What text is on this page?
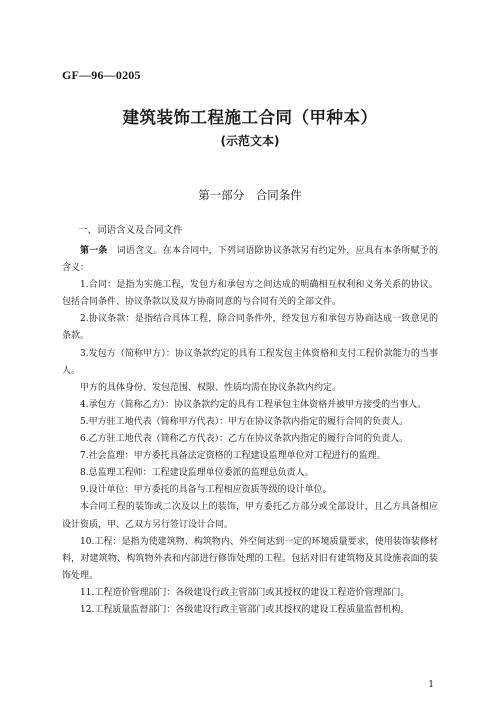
GF—96—0205
建筑装饰工程施工合同（甲种本）
(示范文本)
第一部分　合同条件
一、词语含义及合同文件

第一条　词语含义。在本合同中，下列词语除协议条款另有约定外，应具有本条所赋予的含义：

1.合同：是指为实施工程，发包方和承包方之间达成的明确相互权利和义务关系的协议。包括合同条件、协议条款以及双方协商同意的与合同有关的全部文件。

2.协议条款：是指结合具体工程，除合同条件外，经发包方和承包方协商达成一致意见的条款。

3.发包方（简称甲方）：协议条款约定的具有工程发包主体资格和支付工程价款能力的当事人。

甲方的具体身份、发包范围、权限、性质均需在协议条款内约定。

4.承包方（简称乙方）：协议条款约定的具有工程承包主体资格并被甲方接受的当事人。

5.甲方驻工地代表（简称甲方代表）：甲方在协议条款内指定的履行合同的负责人。

6.乙方驻工地代表（简称乙方代表）：乙方在协议条款内指定的履行合同的负责人。

7.社会监理：甲方委托具备法定资格的工程建设监理单位对工程进行的监理。

8.总监理工程师：工程建设监理单位委派的监理总负责人。

9.设计单位：甲方委托的具备与工程相应资质等级的设计单位。

本合同工程的装饰或二次及以上的装饰，甲方委托乙方部分或全部设计，且乙方具备相应设计资质，甲、乙双方另行签订设计合同。

10.工程：是指为使建筑物、构筑物内、外空间达到一定的环境质量要求，使用装饰装修材料，对建筑物、构筑物外表和内部进行修饰处理的工程。包括对旧有建筑物及其设施表面的装饰处理。

11.工程造价管理部门：各级建设行政主管部门或其授权的建设工程造价管理部门。

12.工程质量监督部门：各级建设行政主管部门或其授权的建设工程质量监督机构。

1
